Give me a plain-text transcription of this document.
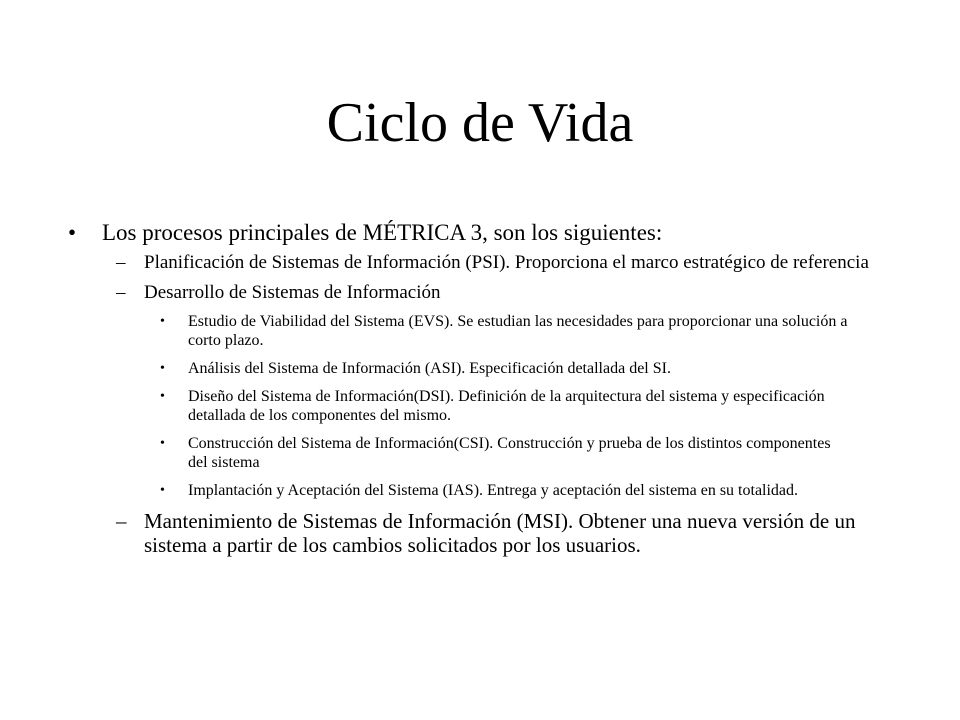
Ciclo de Vida
• Los procesos principales de MÉTRICA 3, son los siguientes:
– Planificación de Sistemas de Información (PSI). Proporciona el marco estratégico de referencia
– Desarrollo de Sistemas de Información
• Estudio de Viabilidad del Sistema (EVS). Se estudian las necesidades para proporcionar una solución a corto plazo.
• Análisis del Sistema de Información (ASI). Especificación detallada del SI.
• Diseño del Sistema de Información(DSI). Definición de la arquitectura del sistema y especificación detallada de los componentes del mismo.
• Construcción del Sistema de Información(CSI). Construcción y prueba de los distintos componentes del sistema
• Implantación y Aceptación del Sistema (IAS). Entrega y aceptación del sistema en su totalidad.
– Mantenimiento de Sistemas de Información (MSI). Obtener una nueva versión de un sistema a partir de los cambios solicitados por los usuarios.
